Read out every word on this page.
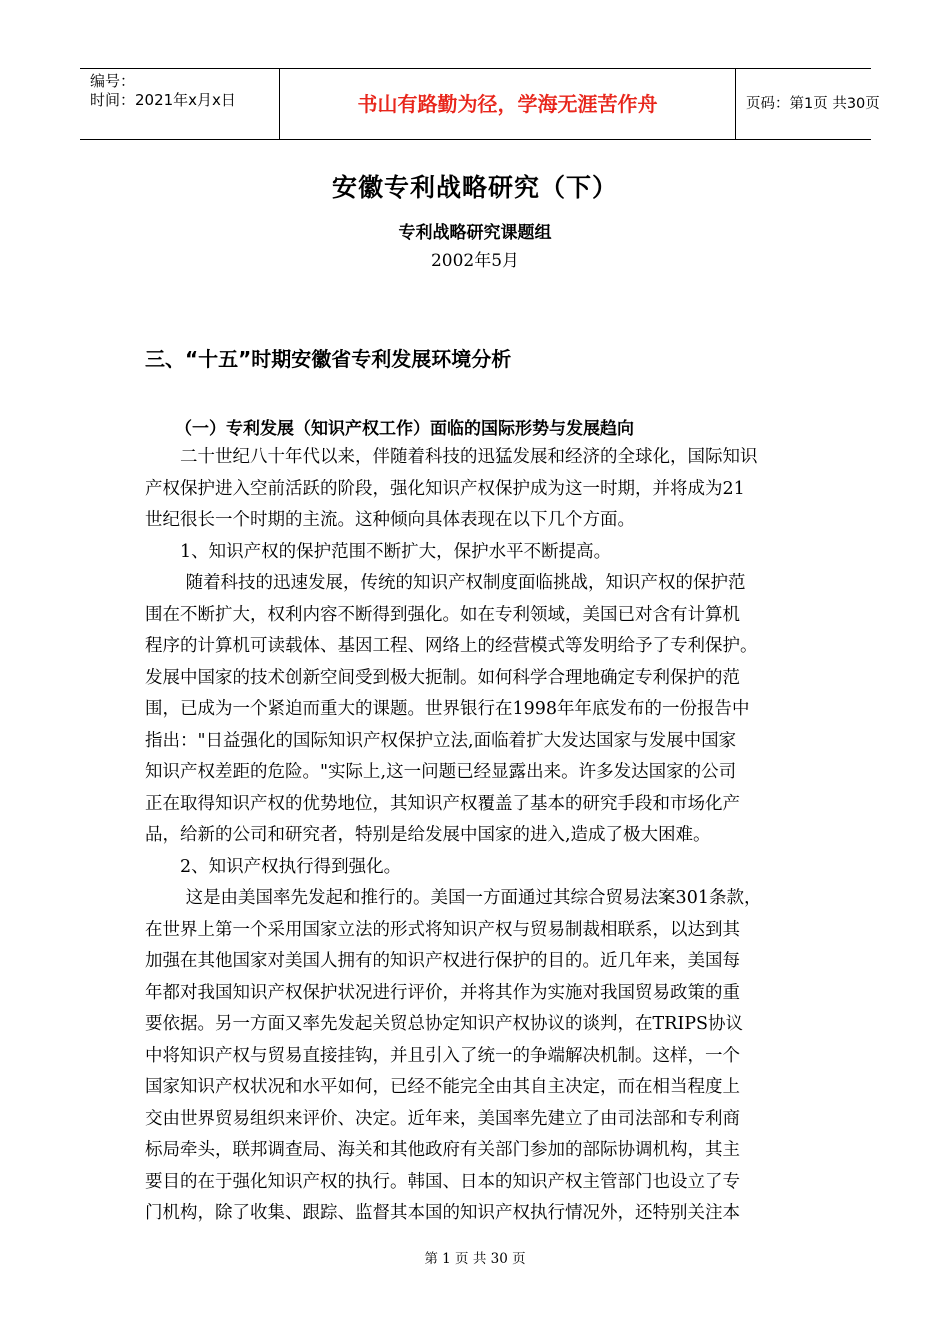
编号：
时间：2021年x月x日	书山有路勤为径，学海无涯苦作舟	页码：第1页 共30页
安徽专利战略研究（下）
专利战略研究课题组
2002年5月
三、“十五”时期安徽省专利发展环境分析
（一）专利发展（知识产权工作）面临的国际形势与发展趋向
　　二十世纪八十年代以来，伴随着科技的迅猛发展和经济的全球化，国际知识
产权保护进入空前活跃的阶段，强化知识产权保护成为这一时期，并将成为21
世纪很长一个时期的主流。这种倾向具体表现在以下几个方面。
　　1、知识产权的保护范围不断扩大，保护水平不断提高。
　　 随着科技的迅速发展，传统的知识产权制度面临挑战，知识产权的保护范
围在不断扩大，权利内容不断得到强化。如在专利领域，美国已对含有计算机
程序的计算机可读载体、基因工程、网络上的经营模式等发明给予了专利保护。
发展中国家的技术创新空间受到极大扼制。如何科学合理地确定专利保护的范
围，已成为一个紧迫而重大的课题。世界银行在1998年年底发布的一份报告中
指出："日益强化的国际知识产权保护立法,面临着扩大发达国家与发展中国家
知识产权差距的危险。"实际上,这一问题已经显露出来。许多发达国家的公司
正在取得知识产权的优势地位，其知识产权覆盖了基本的研究手段和市场化产
品，给新的公司和研究者，特别是给发展中国家的进入,造成了极大困难。
　　2、知识产权执行得到强化。
　　 这是由美国率先发起和推行的。美国一方面通过其综合贸易法案301条款，
在世界上第一个采用国家立法的形式将知识产权与贸易制裁相联系，以达到其
加强在其他国家对美国人拥有的知识产权进行保护的目的。近几年来，美国每
年都对我国知识产权保护状况进行评价，并将其作为实施对我国贸易政策的重
要依据。另一方面又率先发起关贸总协定知识产权协议的谈判，在TRIPS协议
中将知识产权与贸易直接挂钩，并且引入了统一的争端解决机制。这样，一个
国家知识产权状况和水平如何，已经不能完全由其自主决定，而在相当程度上
交由世界贸易组织来评价、决定。近年来，美国率先建立了由司法部和专利商
标局牵头，联邦调查局、海关和其他政府有关部门参加的部际协调机构，其主
要目的在于强化知识产权的执行。韩国、日本的知识产权主管部门也设立了专
门机构，除了收集、跟踪、监督其本国的知识产权执行情况外，还特别关注本
第 1 页 共 30 页
